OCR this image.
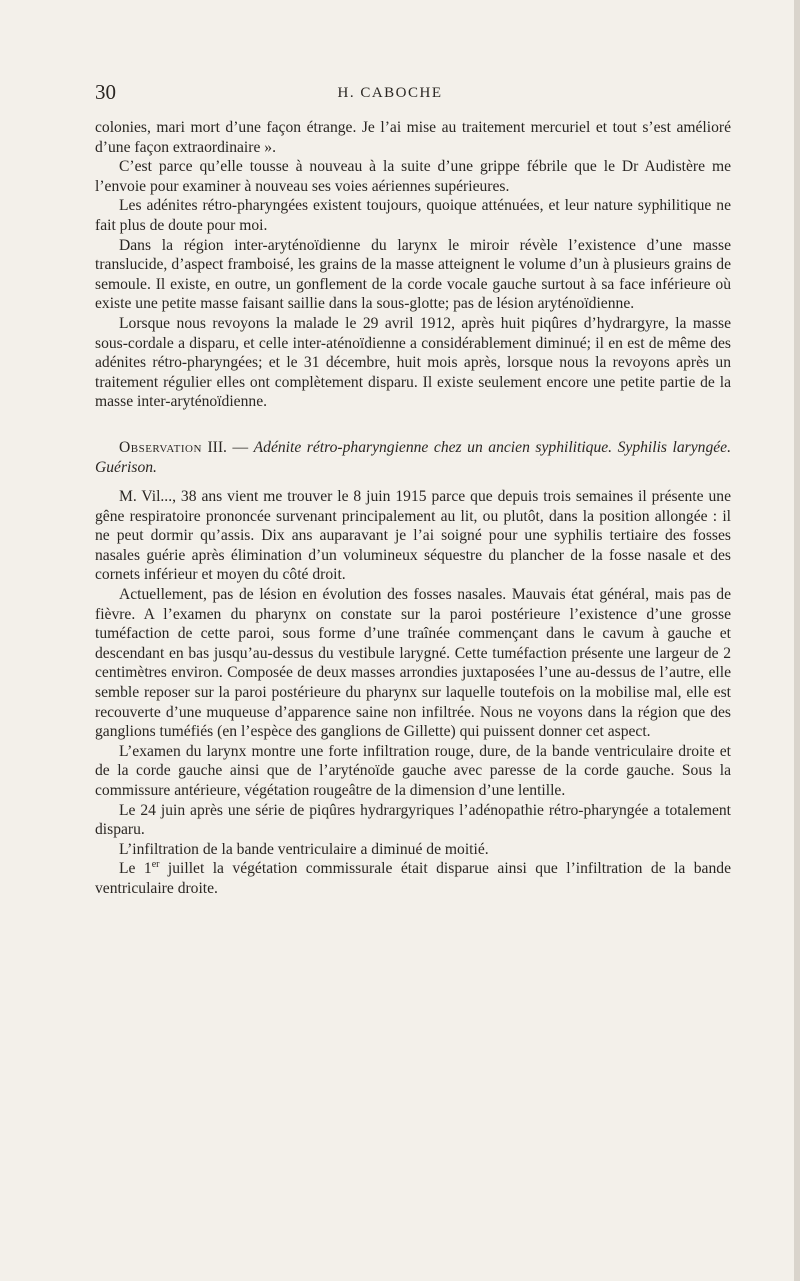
30	H. CABOCHE

colonies, mari mort d’une façon étrange. Je l’ai mise au traitement mercuriel et tout s’est amélioré d’une façon extraordinaire ».

C’est parce qu’elle tousse à nouveau à la suite d’une grippe fébrile que le Dr Audistère me l’envoie pour examiner à nouveau ses voies aériennes supérieures.

Les adénites rétro-pharyngées existent toujours, quoique atténuées, et leur nature syphilitique ne fait plus de doute pour moi.

Dans la région inter-aryténoïdienne du larynx le miroir révèle l’existence d’une masse translucide, d’aspect framboisé, les grains de la masse atteignent le volume d’un à plusieurs grains de semoule. Il existe, en outre, un gonflement de la corde vocale gauche surtout à sa face inférieure où existe une petite masse faisant saillie dans la sous-glotte; pas de lésion aryténoïdienne.

Lorsque nous revoyons la malade le 29 avril 1912, après huit piqûres d’hydrargyre, la masse sous-cordale a disparu, et celle inter-aténoïdienne a considérablement diminué; il en est de même des adénites rétro-pharyngées; et le 31 décembre, huit mois après, lorsque nous la revoyons après un traitement régulier elles ont complètement disparu. Il existe seulement encore une petite partie de la masse inter-aryténoïdienne.

Observation III. — Adénite rétro-pharyngienne chez un ancien syphilitique. Syphilis laryngée. Guérison.

M. Vil..., 38 ans vient me trouver le 8 juin 1915 parce que depuis trois semaines il présente une gêne respiratoire prononcée survenant principalement au lit, ou plutôt, dans la position allongée : il ne peut dormir qu’assis. Dix ans auparavant je l’ai soigné pour une syphilis tertiaire des fosses nasales guérie après élimination d’un volumineux séquestre du plancher de la fosse nasale et des cornets inférieur et moyen du côté droit.

Actuellement, pas de lésion en évolution des fosses nasales. Mauvais état général, mais pas de fièvre. A l’examen du pharynx on constate sur la paroi postérieure l’existence d’une grosse tuméfaction de cette paroi, sous forme d’une traînée commençant dans le cavum à gauche et descendant en bas jusqu’au-dessus du vestibule larygné. Cette tuméfaction présente une largeur de 2 centimètres environ. Composée de deux masses arrondies juxtaposées l’une au-dessus de l’autre, elle semble reposer sur la paroi postérieure du pharynx sur laquelle toutefois on la mobilise mal, elle est recouverte d’une muqueuse d’apparence saine non infiltrée. Nous ne voyons dans la région que des ganglions tuméfiés (en l’espèce des ganglions de Gillette) qui puissent donner cet aspect.

L’examen du larynx montre une forte infiltration rouge, dure, de la bande ventriculaire droite et de la corde gauche ainsi que de l’aryténoïde gauche avec paresse de la corde gauche. Sous la commissure antérieure, végétation rougeâtre de la dimension d’une lentille.

Le 24 juin après une série de piqûres hydrargyriques l’adénopathie rétro-pharyngée a totalement disparu.

L’infiltration de la bande ventriculaire a diminué de moitié.

Le 1er juillet la végétation commissurale était disparue ainsi que l’infiltration de la bande ventriculaire droite.
